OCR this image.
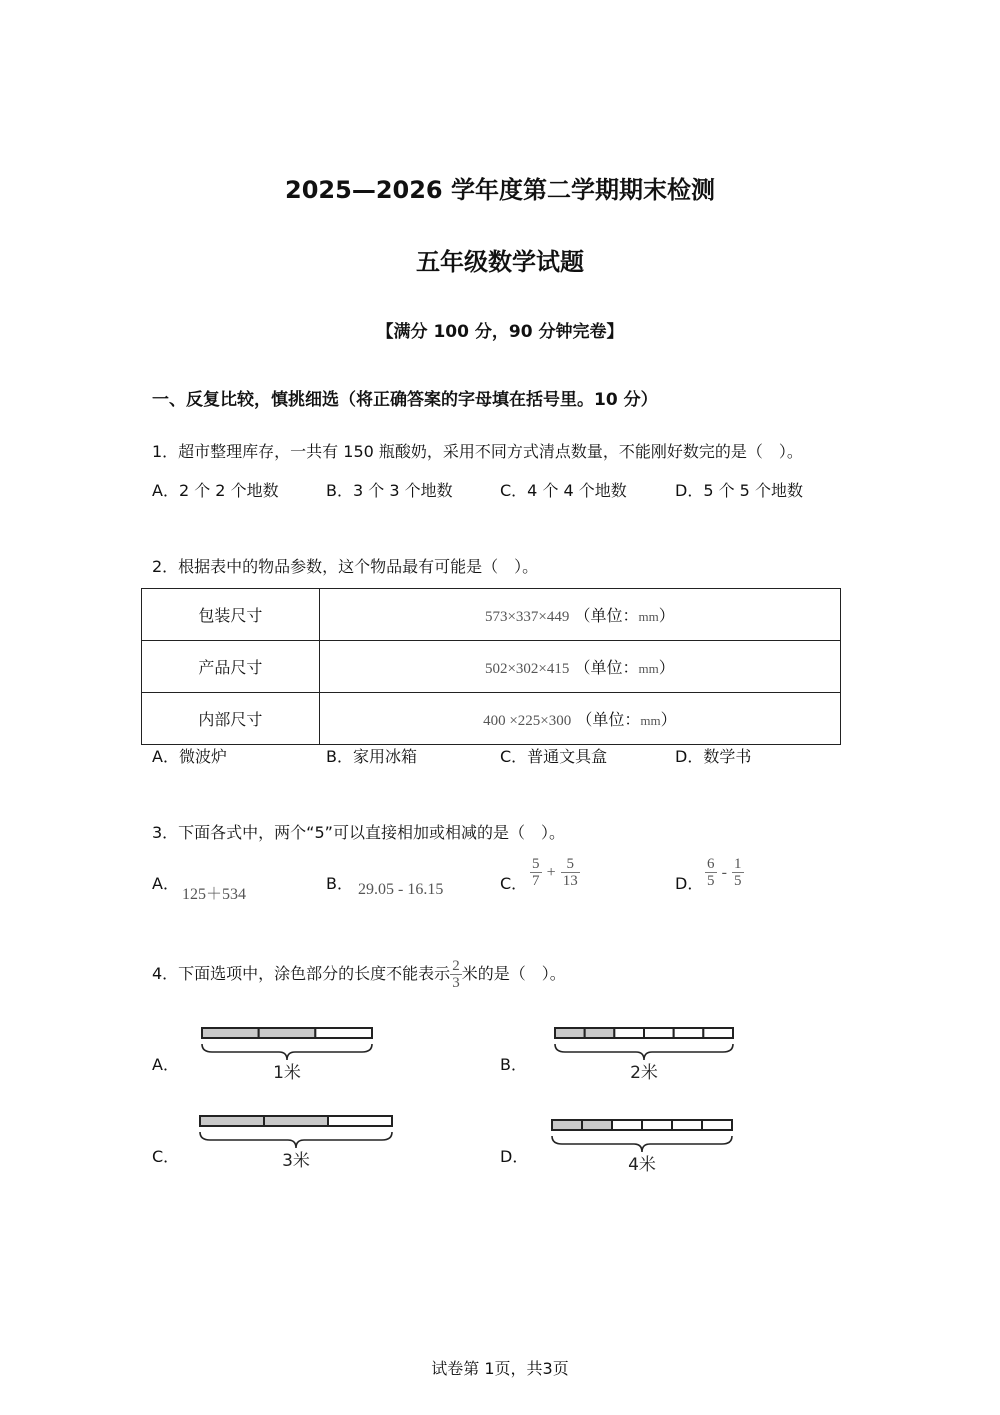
2025—2026 学年度第二学期期末检测
五年级数学试题
【满分 100 分，90 分钟完卷】
一、反复比较，慎挑细选（将正确答案的字母填在括号里。10 分）
1．超市整理库存，一共有 150 瓶酸奶，采用不同方式清点数量，不能刚好数完的是（　）。
A．2 个 2 个地数	B．3 个 3 个地数	C．4 个 4 个地数	D．5 个 5 个地数
2．根据表中的物品参数，这个物品最有可能是（　）。
包装尺寸	573×337×449 （单位：mm）
产品尺寸	502×302×415 （单位：mm）
内部尺寸	400 ×225×300 （单位：mm）
A．微波炉	B．家用冰箱	C．普通文具盒	D．数学书
3．下面各式中，两个“5”可以直接相加或相减的是（　）。
A．
125＋534
B． 29.05 - 16.15	C． $\frac{5}{7} + \frac{5}{13}$	D． $\frac{6}{5} - \frac{1}{5}$
4．下面选项中，涂色部分的长度不能表示 $\frac{2}{3}$ 米的是（　）。
A．	B．
C．	D．
1米	2米
3米	4米
试卷第 1页，共3页
